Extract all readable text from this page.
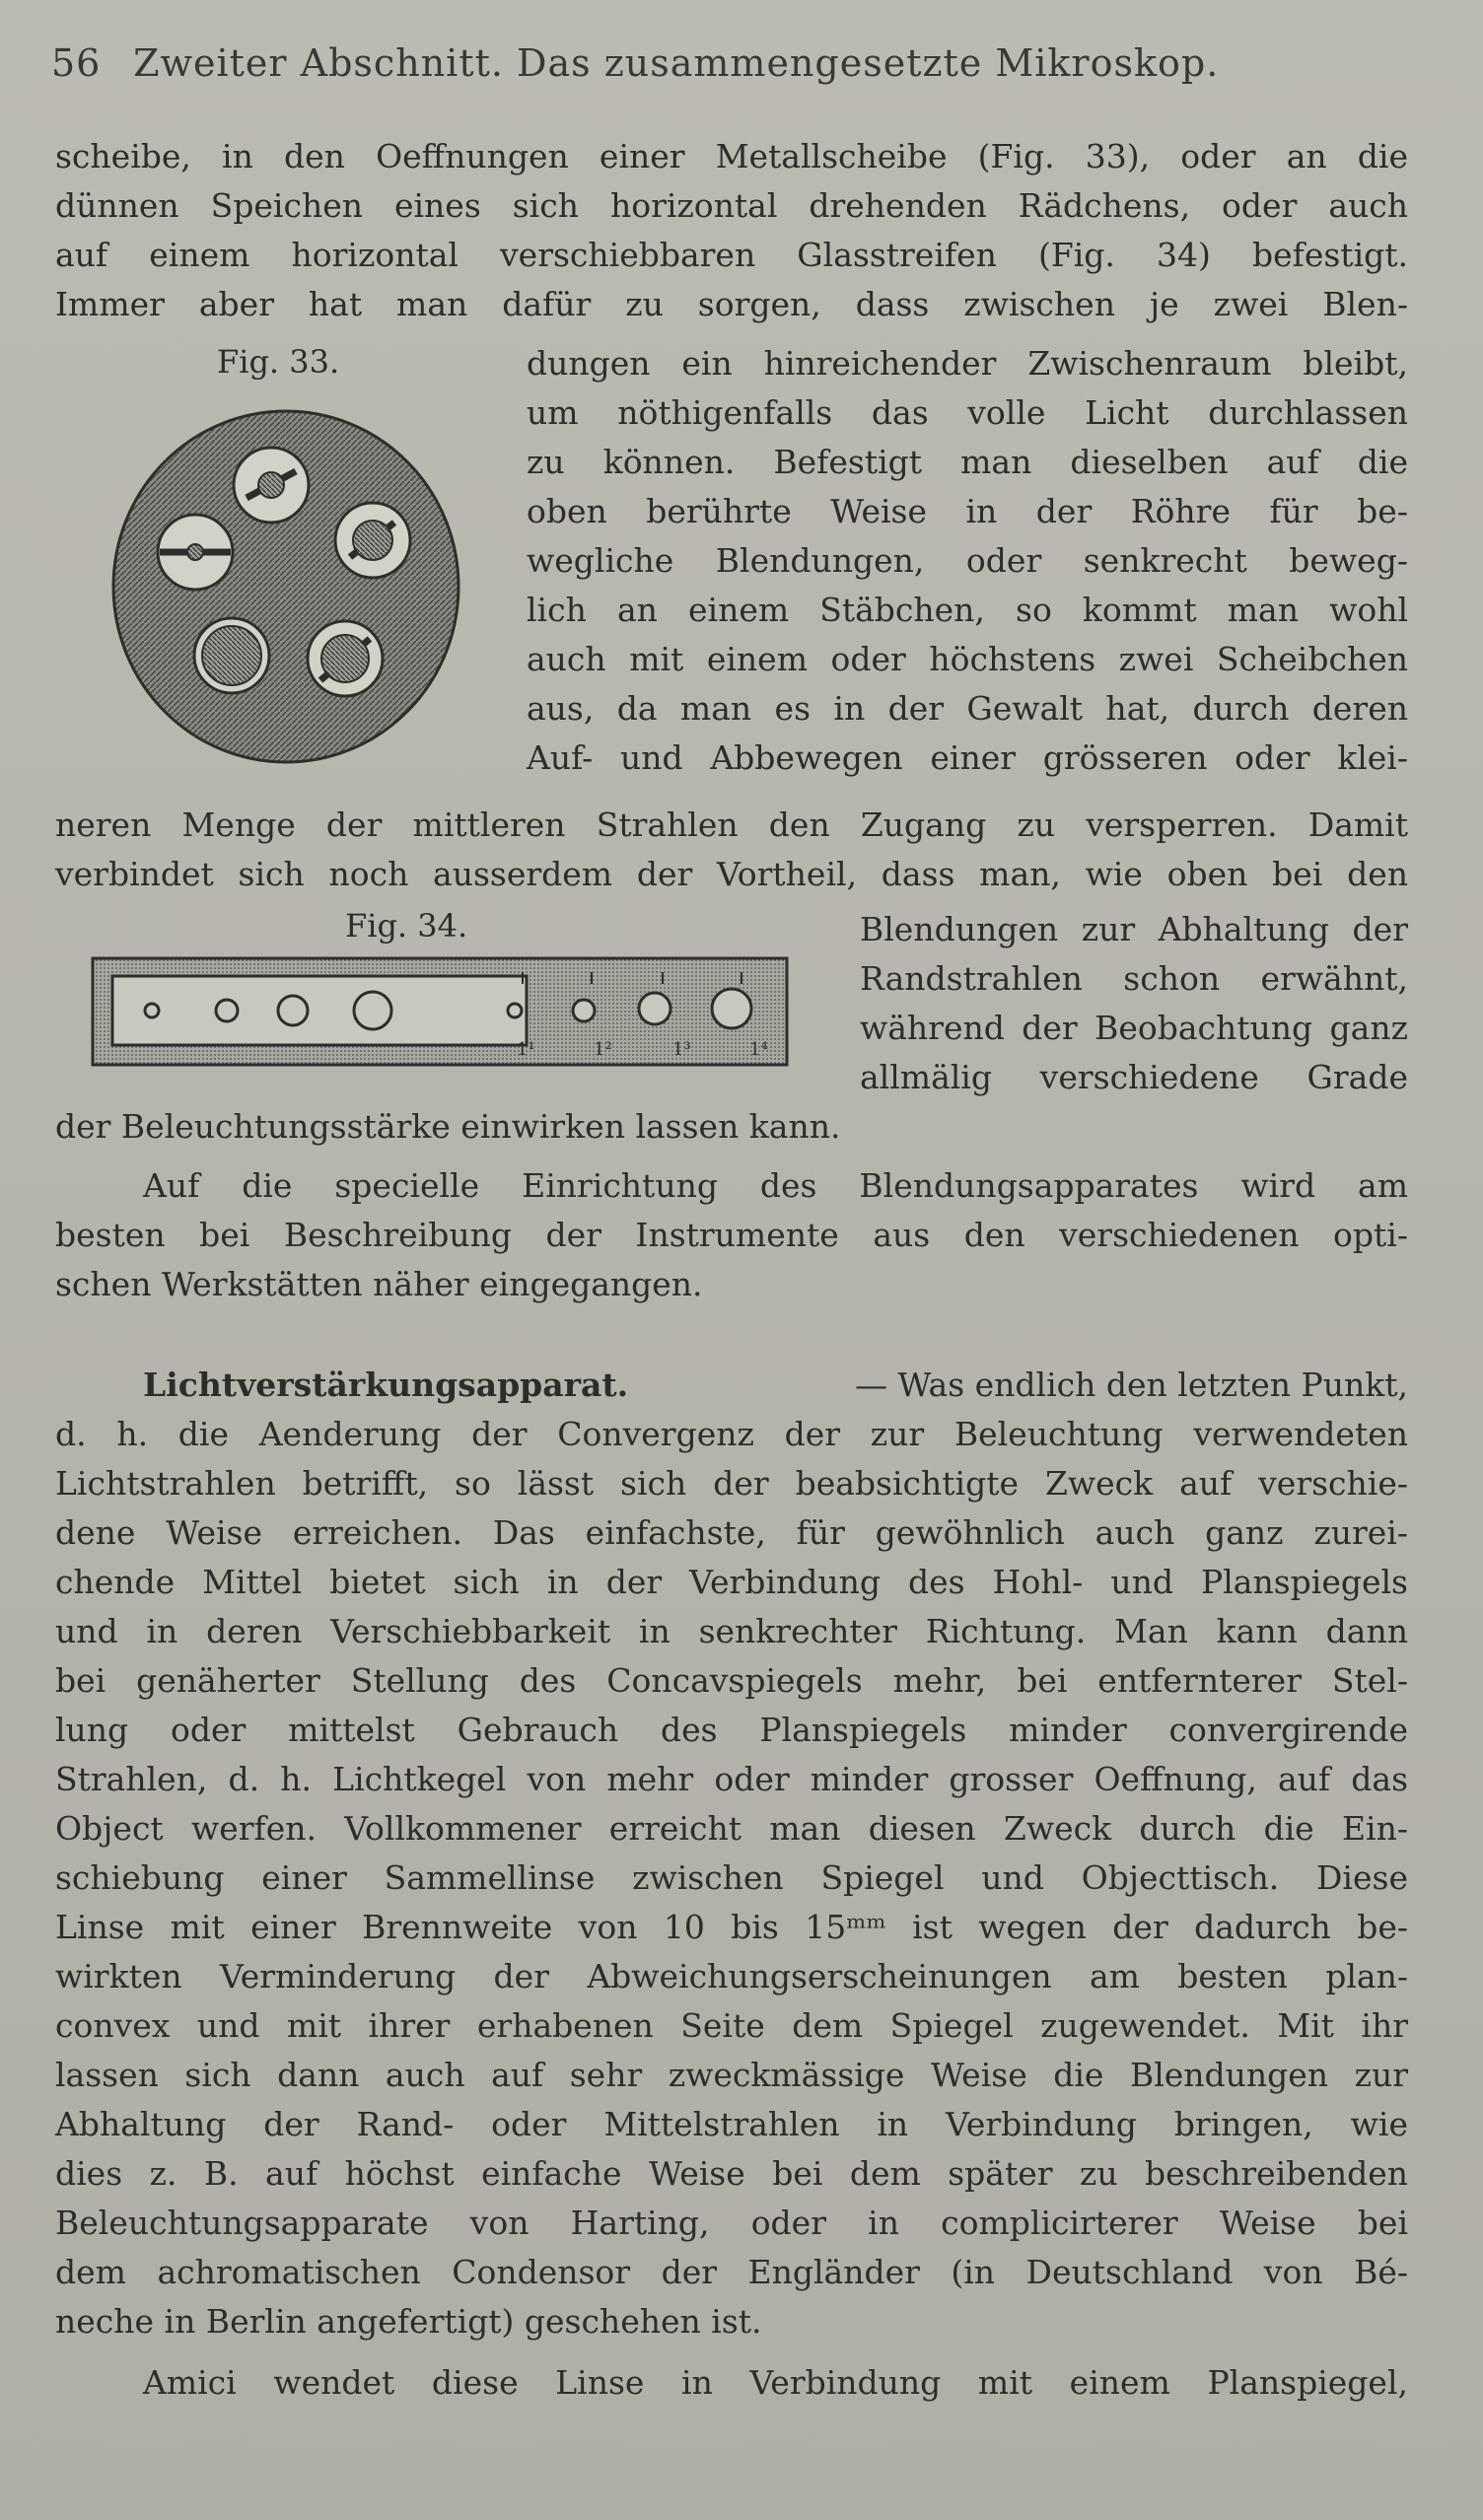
56 Zweiter Abschnitt. Das zusammengesetzte Mikroskop.
scheibe, in den Oeffnungen einer Metallscheibe (Fig. 33), oder an die
dünnen Speichen eines sich horizontal drehenden Rädchens, oder auch
auf einem horizontal verschiebbaren Glasstreifen (Fig. 34) befestigt.
Immer aber hat man dafür zu sorgen, dass zwischen je zwei Blen-
Fig. 33.	dungen ein hinreichender Zwischenraum bleibt,
um nöthigenfalls das volle Licht durchlassen
zu können. Befestigt man dieselben auf die
oben berührte Weise in der Röhre für be-
wegliche Blendungen, oder senkrecht beweg-
lich an einem Stäbchen, so kommt man wohl
auch mit einem oder höchstens zwei Scheibchen
aus, da man es in der Gewalt hat, durch deren
Auf- und Abbewegen einer grösseren oder klei-
neren Menge der mittleren Strahlen den Zugang zu versperren. Damit
verbindet sich noch ausserdem der Vortheil, dass man, wie oben bei den
Fig. 34.
1¹	1²	1³	1⁴
Blendungen zur Abhaltung der
Randstrahlen schon erwähnt,
während der Beobachtung ganz
allmälig verschiedene Grade
der Beleuchtungsstärke einwirken lassen kann.
Auf die specielle Einrichtung des Blendungsapparates wird am
besten bei Beschreibung der Instrumente aus den verschiedenen opti-
schen Werkstätten näher eingegangen.
Lichtverstärkungsapparat.	— Was endlich den letzten Punkt,
d. h. die Aenderung der Convergenz der zur Beleuchtung verwendeten
Lichtstrahlen betrifft, so lässt sich der beabsichtigte Zweck auf verschie-
dene Weise erreichen. Das einfachste, für gewöhnlich auch ganz zurei-
chende Mittel bietet sich in der Verbindung des Hohl- und Planspiegels
und in deren Verschiebbarkeit in senkrechter Richtung. Man kann dann
bei genäherter Stellung des Concavspiegels mehr, bei entfernterer Stel-
lung oder mittelst Gebrauch des Planspiegels minder convergirende
Strahlen, d. h. Lichtkegel von mehr oder minder grosser Oeffnung, auf das
Object werfen. Vollkommener erreicht man diesen Zweck durch die Ein-
schiebung einer Sammellinse zwischen Spiegel und Objecttisch. Diese
Linse mit einer Brennweite von 10 bis 15ᵐᵐ ist wegen der dadurch be-
wirkten Verminderung der Abweichungserscheinungen am besten plan-
convex und mit ihrer erhabenen Seite dem Spiegel zugewendet. Mit ihr
lassen sich dann auch auf sehr zweckmässige Weise die Blendungen zur
Abhaltung der Rand- oder Mittelstrahlen in Verbindung bringen, wie
dies z. B. auf höchst einfache Weise bei dem später zu beschreibenden
Beleuchtungsapparate von Harting, oder in complicirterer Weise bei
dem achromatischen Condensor der Engländer (in Deutschland von Bé-
neche in Berlin angefertigt) geschehen ist.
Amici wendet diese Linse in Verbindung mit einem Planspiegel,
